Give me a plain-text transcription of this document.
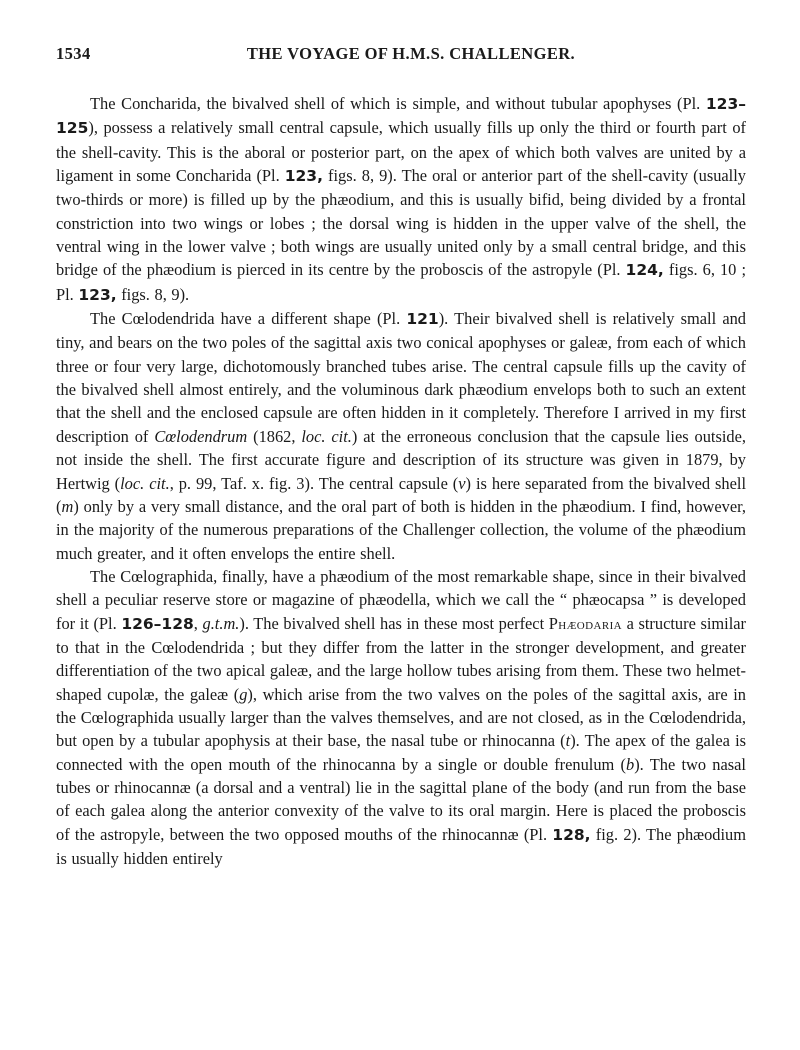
1534	THE VOYAGE OF H.M.S. CHALLENGER.

The Concharida, the bivalved shell of which is simple, and without tubular apophyses (Pl. 123–125), possess a relatively small central capsule, which usually fills up only the third or fourth part of the shell-cavity. This is the aboral or posterior part, on the apex of which both valves are united by a ligament in some Concharida (Pl. 123, figs. 8, 9). The oral or anterior part of the shell-cavity (usually two-thirds or more) is filled up by the phæodium, and this is usually bifid, being divided by a frontal constriction into two wings or lobes ; the dorsal wing is hidden in the upper valve of the shell, the ventral wing in the lower valve ; both wings are usually united only by a small central bridge, and this bridge of the phæodium is pierced in its centre by the proboscis of the astropyle (Pl. 124, figs. 6, 10 ; Pl. 123, figs. 8, 9).

The Cœlodendrida have a different shape (Pl. 121). Their bivalved shell is relatively small and tiny, and bears on the two poles of the sagittal axis two conical apophyses or galeæ, from each of which three or four very large, dichotomously branched tubes arise. The central capsule fills up the cavity of the bivalved shell almost entirely, and the voluminous dark phæodium envelops both to such an extent that the shell and the enclosed capsule are often hidden in it completely. Therefore I arrived in my first description of Cœlodendrum (1862, loc. cit.) at the erroneous conclusion that the capsule lies outside, not inside the shell. The first accurate figure and description of its structure was given in 1879, by Hertwig (loc. cit., p. 99, Taf. x. fig. 3). The central capsule (v) is here separated from the bivalved shell (m) only by a very small distance, and the oral part of both is hidden in the phæodium. I find, however, in the majority of the numerous preparations of the Challenger collection, the volume of the phæodium much greater, and it often envelops the entire shell.

The Cœlographida, finally, have a phæodium of the most remarkable shape, since in their bivalved shell a peculiar reserve store or magazine of phæodella, which we call the “ phæocapsa ” is developed for it (Pl. 126–128, g.t.m.). The bivalved shell has in these most perfect Phæodaria a structure similar to that in the Cœlodendrida ; but they differ from the latter in the stronger development, and greater differentiation of the two apical galeæ, and the large hollow tubes arising from them. These two helmet-shaped cupolæ, the galeæ (g), which arise from the two valves on the poles of the sagittal axis, are in the Cœlographida usually larger than the valves themselves, and are not closed, as in the Cœlodendrida, but open by a tubular apophysis at their base, the nasal tube or rhinocanna (t). The apex of the galea is connected with the open mouth of the rhinocanna by a single or double frenulum (b). The two nasal tubes or rhinocannæ (a dorsal and a ventral) lie in the sagittal plane of the body (and run from the base of each galea along the anterior convexity of the valve to its oral margin. Here is placed the proboscis of the astropyle, between the two opposed mouths of the rhinocannæ (Pl. 128, fig. 2). The phæodium is usually hidden entirely
